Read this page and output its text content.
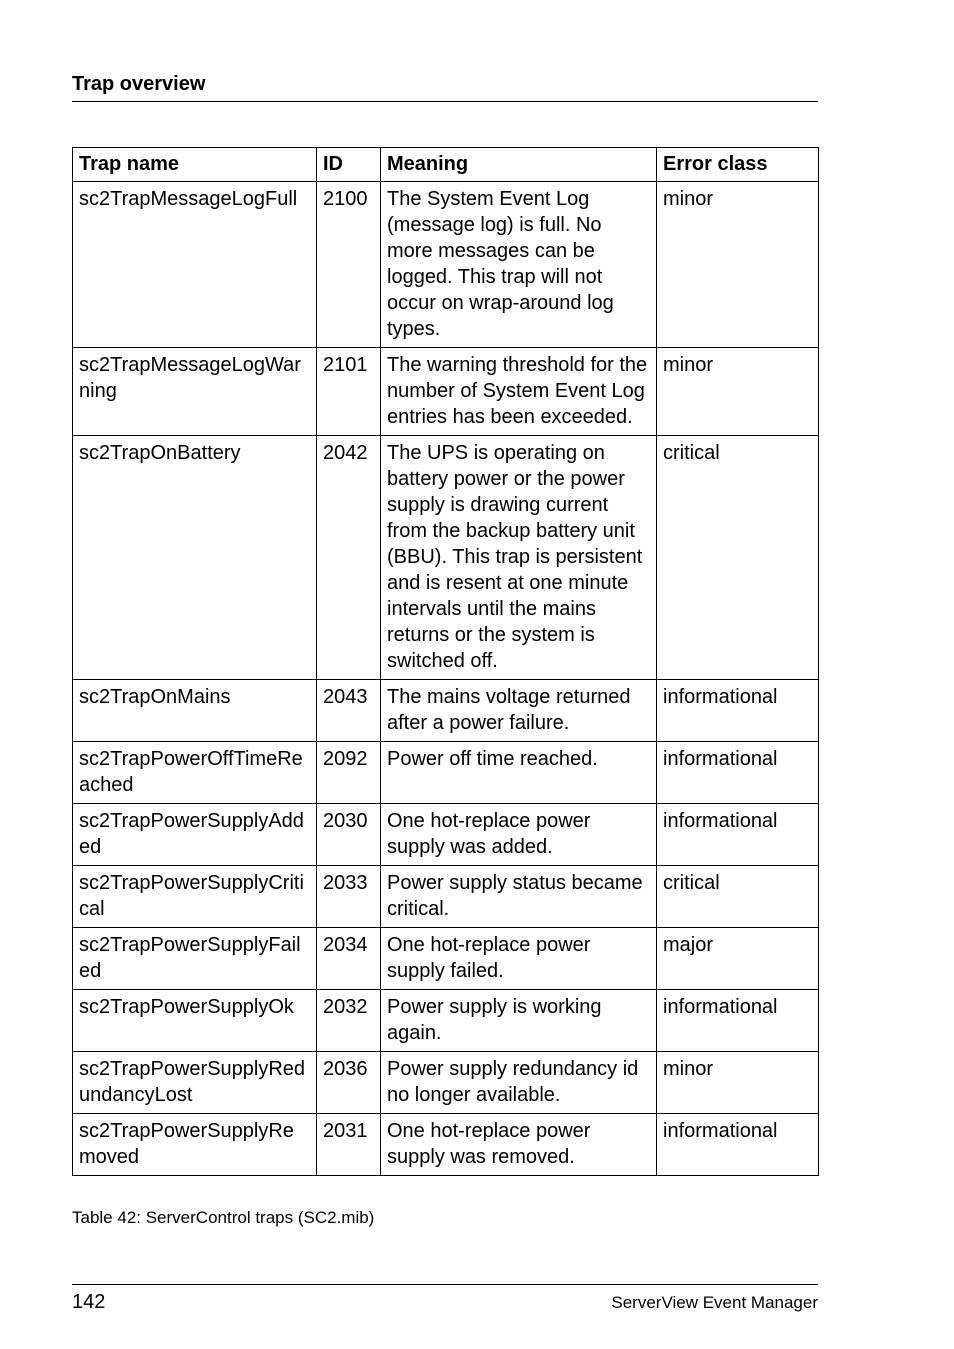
Trap overview
Trap name	ID	Meaning	Error class
sc2TrapMessageLogFull	2100	The System Event Log (message log) is full. No more messages can be logged. This trap will not occur on wrap-around log types.	minor
sc2TrapMessageLogWarning	2101	The warning threshold for the number of System Event Log entries has been exceeded.	minor
sc2TrapOnBattery	2042	The UPS is operating on battery power or the power supply is drawing current from the backup battery unit (BBU). This trap is persistent and is resent at one minute intervals until the mains returns or the system is switched off.	critical
sc2TrapOnMains	2043	The mains voltage returned after a power failure.	informational
sc2TrapPowerOffTimeReached	2092	Power off time reached.	informational
sc2TrapPowerSupplyAdded	2030	One hot-replace power supply was added.	informational
sc2TrapPowerSupplyCritical	2033	Power supply status became critical.	critical
sc2TrapPowerSupplyFailed	2034	One hot-replace power supply failed.	major
sc2TrapPowerSupplyOk	2032	Power supply is working again.	informational
sc2TrapPowerSupplyRedundancyLost	2036	Power supply redundancy id no longer available.	minor
sc2TrapPowerSupplyRemoved	2031	One hot-replace power supply was removed.	informational
Table 42: ServerControl traps (SC2.mib)
142	ServerView Event Manager
